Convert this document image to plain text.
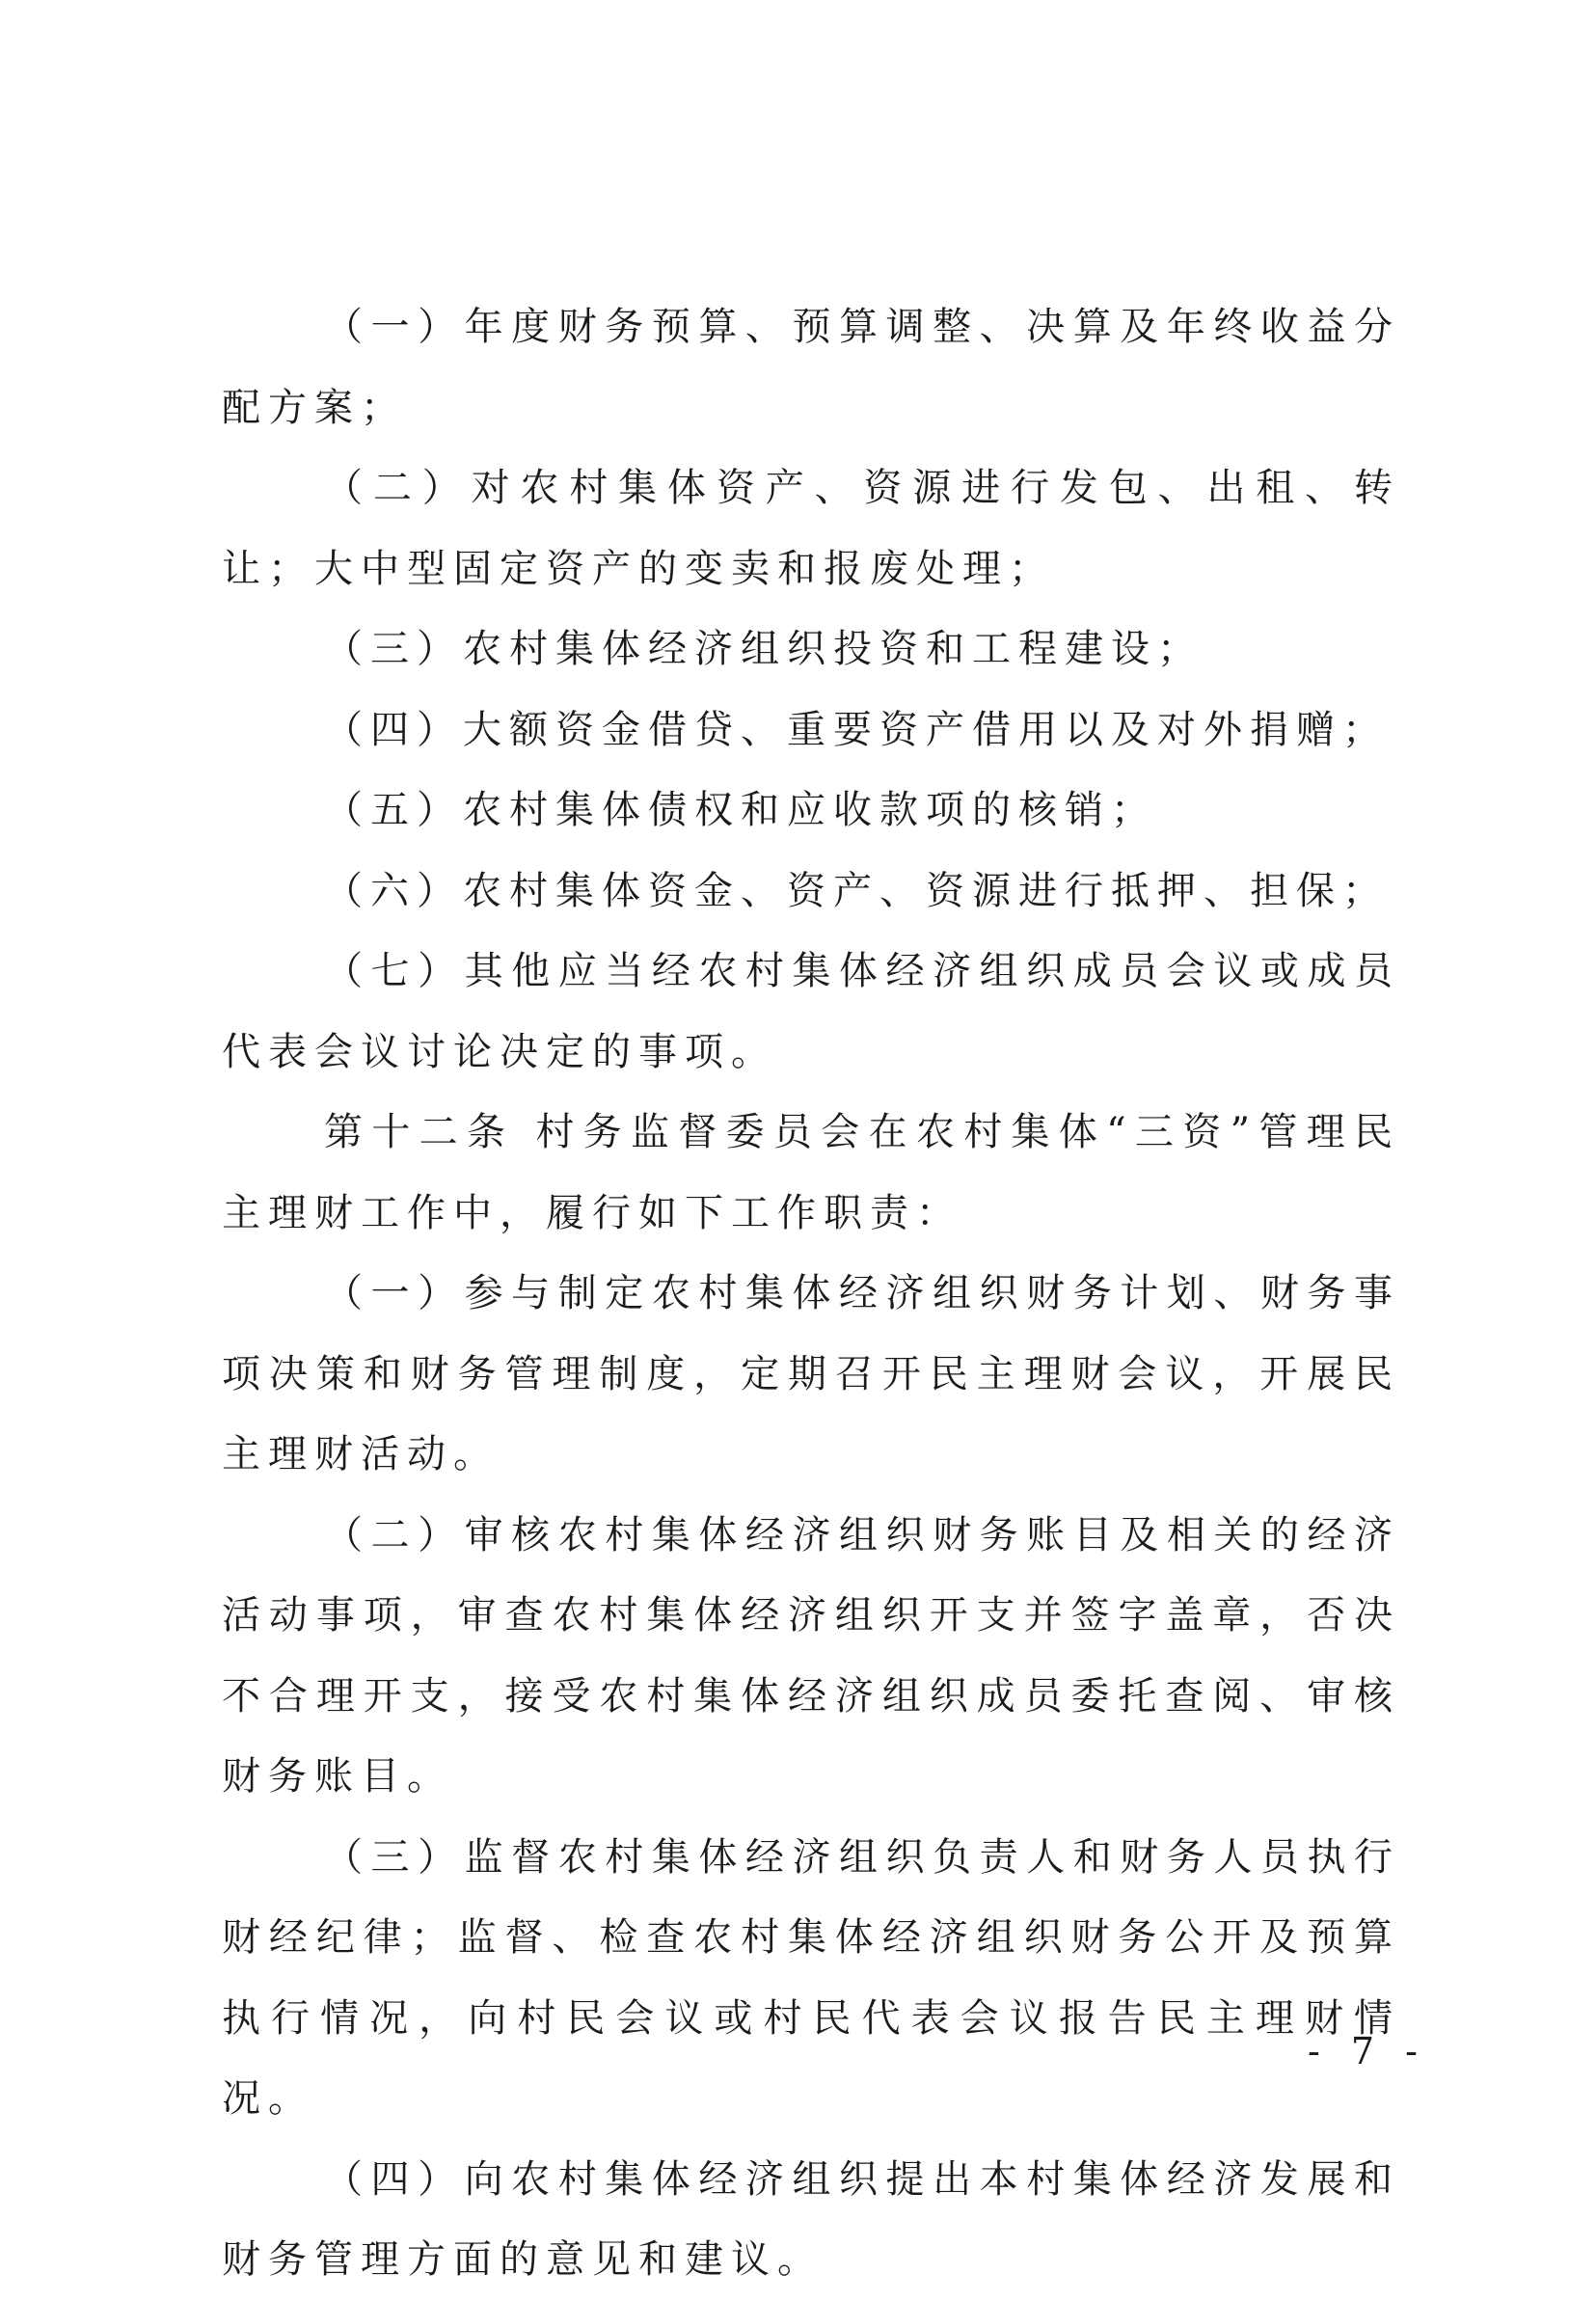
（一）年度财务预算、预算调整、决算及年终收益分配方案；

（二）对农村集体资产、资源进行发包、出租、转让；大中型固定资产的变卖和报废处理；

（三）农村集体经济组织投资和工程建设；

（四）大额资金借贷、重要资产借用以及对外捐赠；

（五）农村集体债权和应收款项的核销；

（六）农村集体资金、资产、资源进行抵押、担保；

（七）其他应当经农村集体经济组织成员会议或成员代表会议讨论决定的事项。

第十二条 村务监督委员会在农村集体“三资”管理民主理财工作中，履行如下工作职责：

（一）参与制定农村集体经济组织财务计划、财务事项决策和财务管理制度，定期召开民主理财会议，开展民主理财活动。

（二）审核农村集体经济组织财务账目及相关的经济活动事项，审查农村集体经济组织开支并签字盖章，否决不合理开支，接受农村集体经济组织成员委托查阅、审核财务账目。

（三）监督农村集体经济组织负责人和财务人员执行财经纪律；监督、检查农村集体经济组织财务公开及预算执行情况，向村民会议或村民代表会议报告民主理财情况。

（四）向农村集体经济组织提出本村集体经济发展和财务管理方面的意见和建议。

- 7 -
